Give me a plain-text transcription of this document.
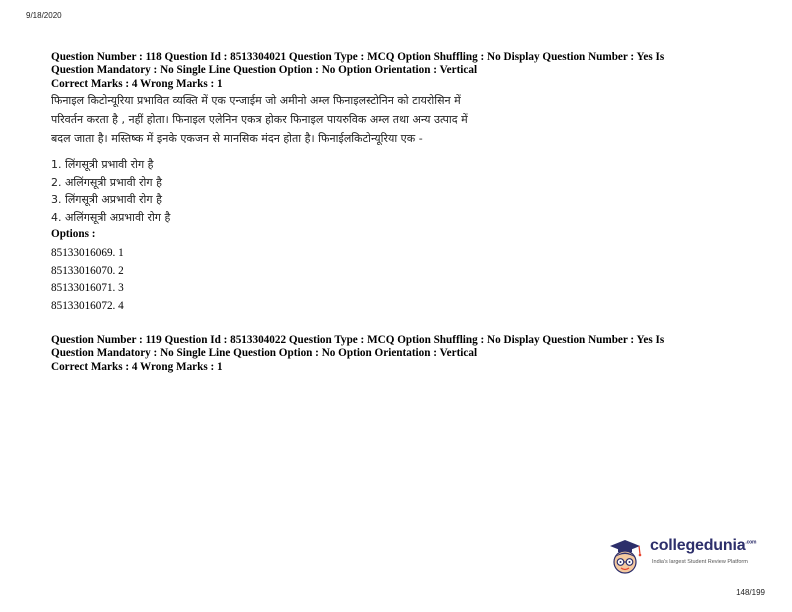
9/18/2020

Question Number : 118 Question Id : 8513304021 Question Type : MCQ Option Shuffling : No Display Question Number : Yes Is
Question Mandatory : No Single Line Question Option : No Option Orientation : Vertical

Correct Marks : 4 Wrong Marks : 1

फिनाइल किटोन्यूरिया प्रभावित व्यक्ति में एक एन्जाईम जो अमीनो अम्ल फिनाइलस्टोनिन को टायरोसिन में
परिवर्तन करता है , नहीं होता। फिनाइल एलेनिन एकत्र होकर फिनाइल पायरुविक अम्ल तथा अन्य उत्पाद में
बदल जाता है। मस्तिष्क में इनके एकजन से मानसिक मंदन होता है। फिनाईलकिटोन्यूरिया एक -

1. लिंगसूत्री प्रभावी रोग है
2. अलिंगसूत्री प्रभावी रोग है
3. लिंगसूत्री अप्रभावी रोग है
4. अलिंगसूत्री अप्रभावी रोग है
Options :
85133016069. 1
85133016070. 2
85133016071. 3
85133016072. 4

Question Number : 119 Question Id : 8513304022 Question Type : MCQ Option Shuffling : No Display Question Number : Yes Is
Question Mandatory : No Single Line Question Option : No Option Orientation : Vertical

Correct Marks : 4 Wrong Marks : 1

collegedunia$^{.com}$
India's largest Student Review Platform
148/199
